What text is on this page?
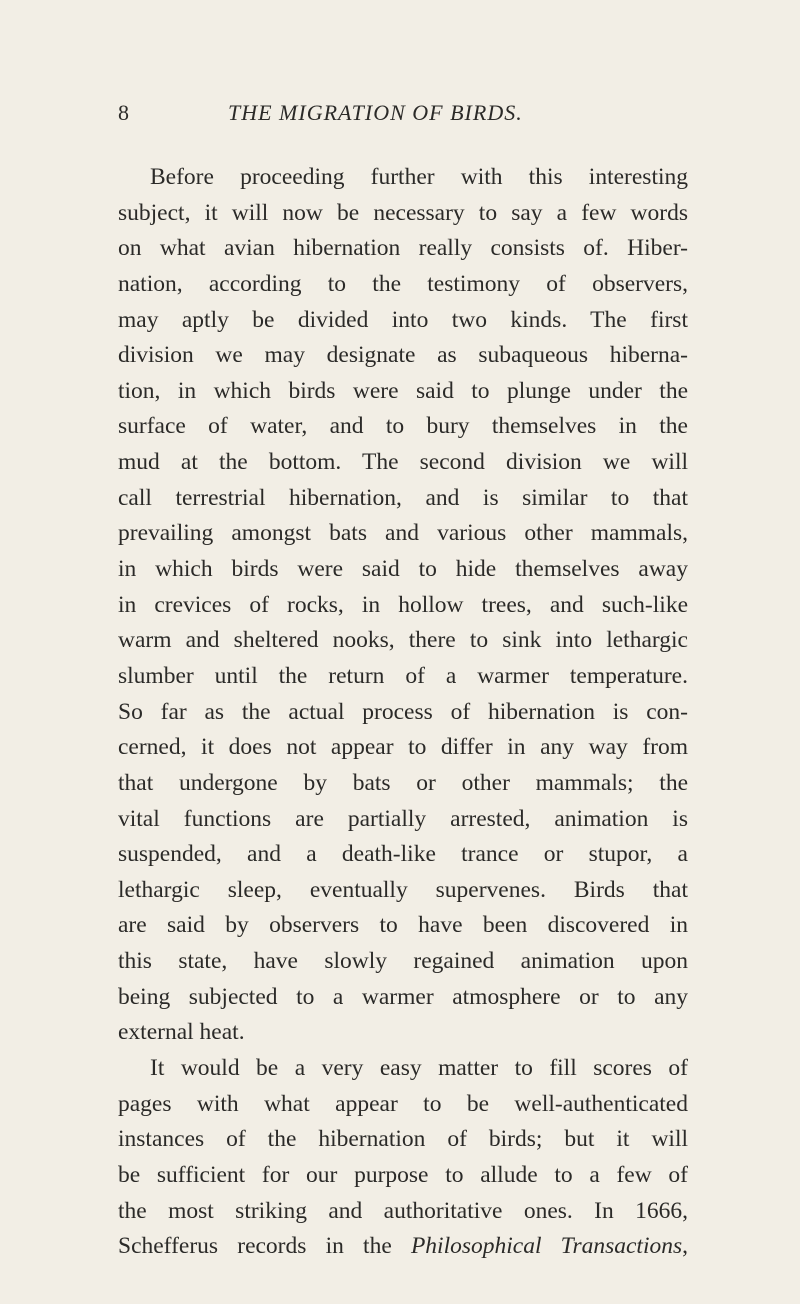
8	THE MIGRATION OF BIRDS.
Before proceeding further with this interesting
subject, it will now be necessary to say a few words
on what avian hibernation really consists of. Hiber-
nation, according to the testimony of observers,
may aptly be divided into two kinds. The first
division we may designate as subaqueous hiberna-
tion, in which birds were said to plunge under the
surface of water, and to bury themselves in the
mud at the bottom. The second division we will
call terrestrial hibernation, and is similar to that
prevailing amongst bats and various other mammals,
in which birds were said to hide themselves away
in crevices of rocks, in hollow trees, and such-like
warm and sheltered nooks, there to sink into lethargic
slumber until the return of a warmer temperature.
So far as the actual process of hibernation is con-
cerned, it does not appear to differ in any way from
that undergone by bats or other mammals; the
vital functions are partially arrested, animation is
suspended, and a death-like trance or stupor, a
lethargic sleep, eventually supervenes. Birds that
are said by observers to have been discovered in
this state, have slowly regained animation upon
being subjected to a warmer atmosphere or to any
external heat.
It would be a very easy matter to fill scores of
pages with what appear to be well-authenticated
instances of the hibernation of birds; but it will
be sufficient for our purpose to allude to a few of
the most striking and authoritative ones. In 1666,
Schefferus records in the Philosophical Transactions,
